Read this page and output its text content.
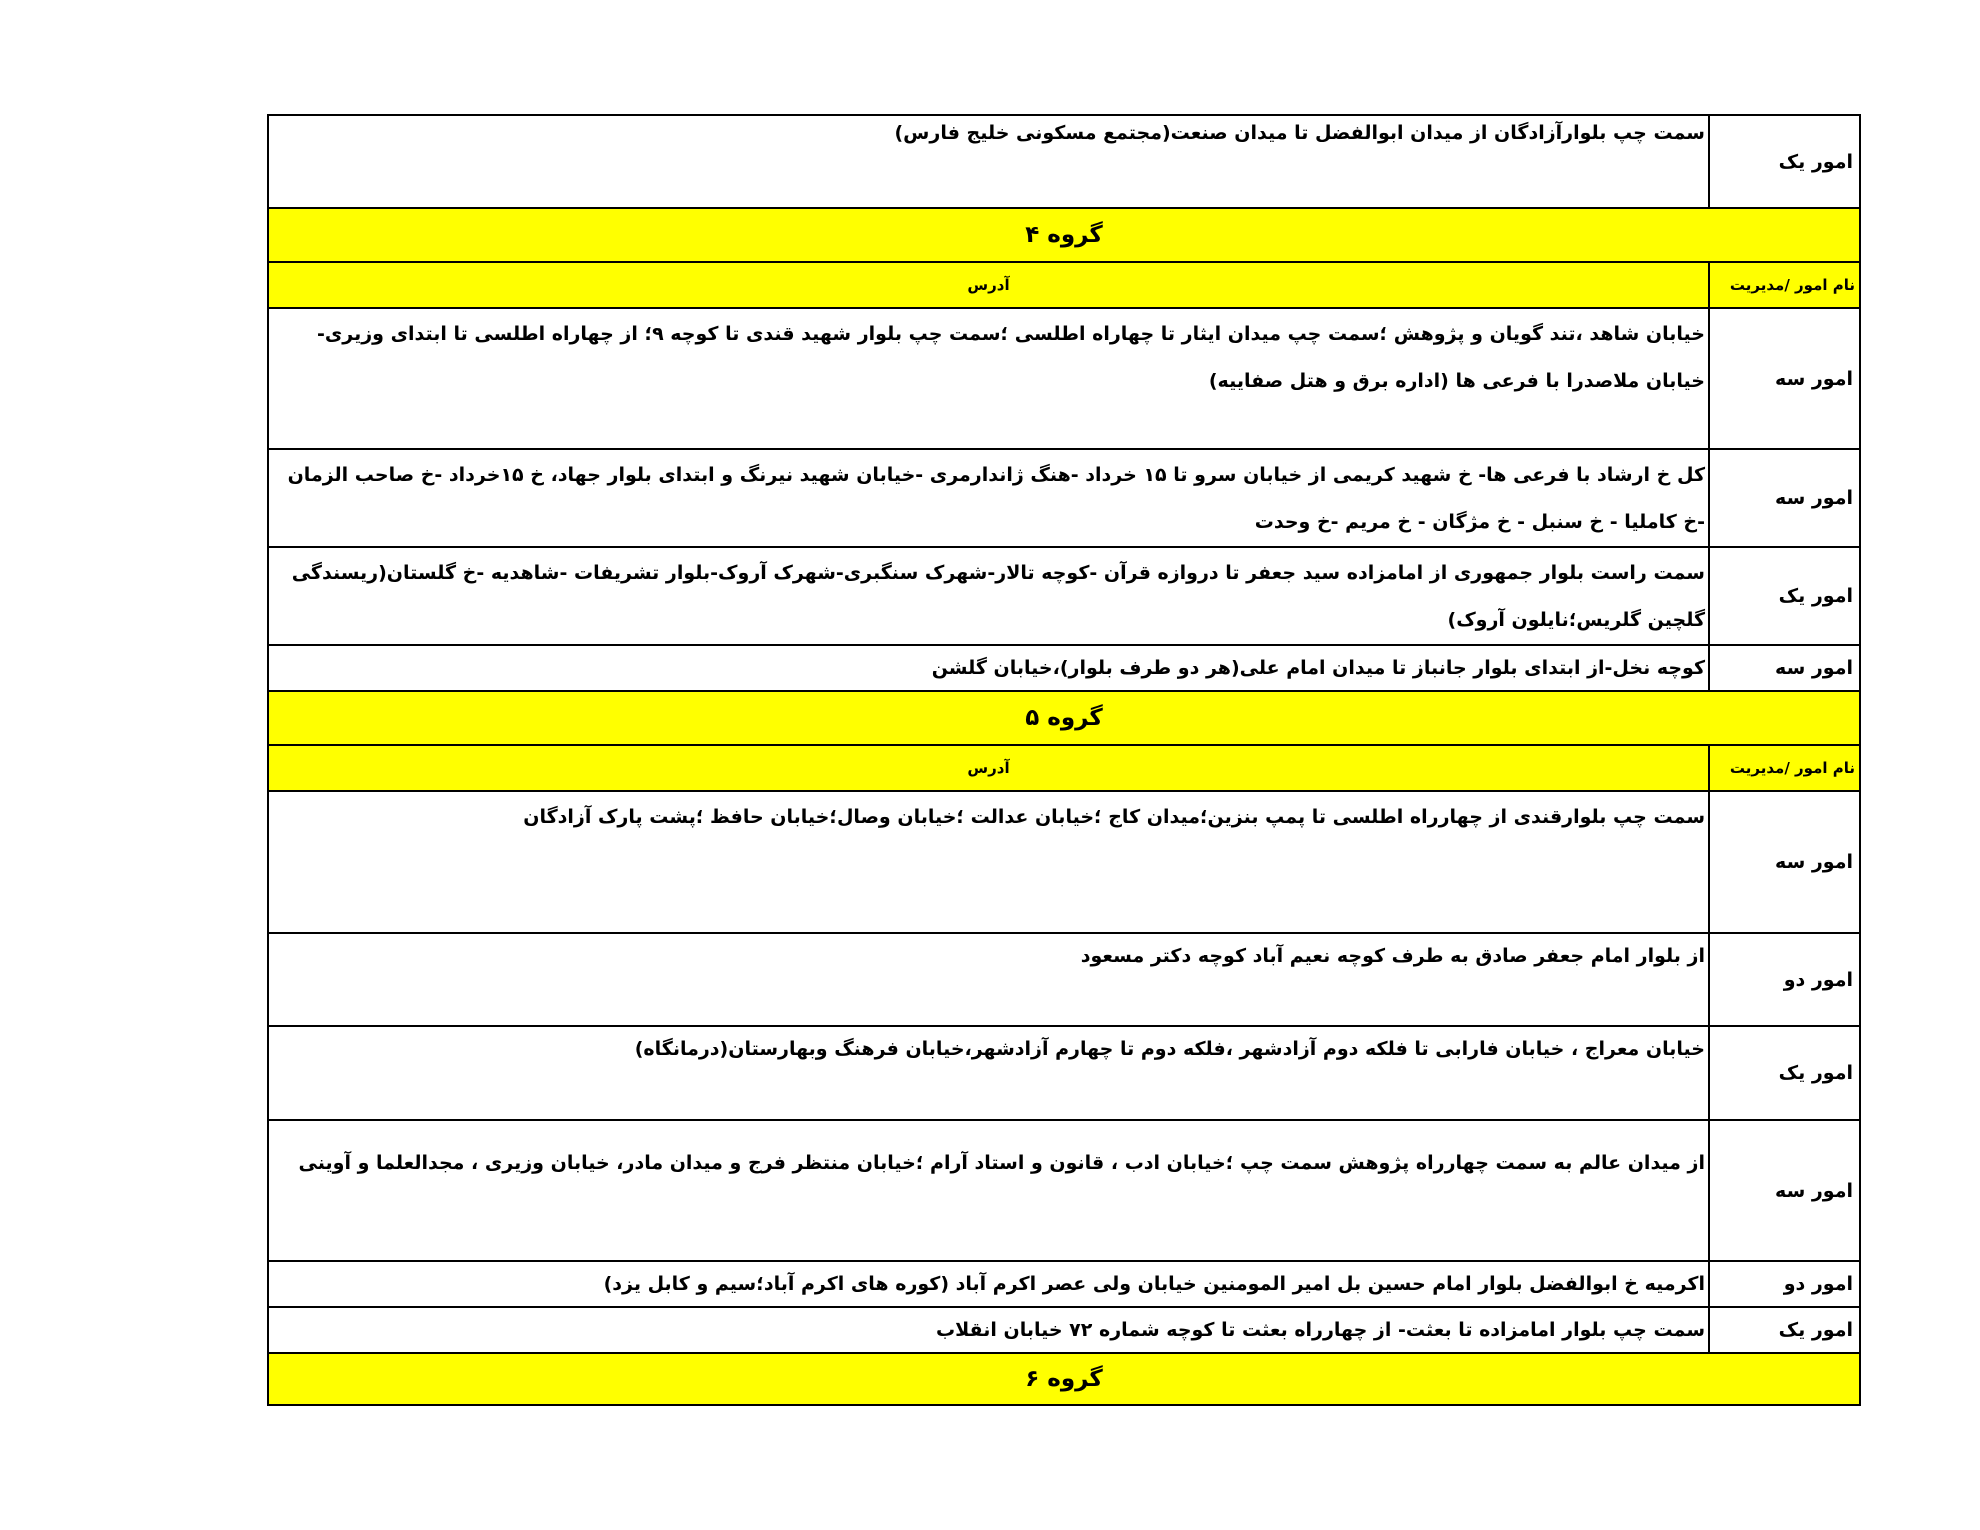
امور یک	سمت چپ بلوارآزادگان از میدان ابوالفضل تا میدان صنعت(مجتمع مسکونی خلیج فارس)
گروه ۴	
نام امور /مدیریت	آدرس
امور سه	خیابان شاهد ،تند گویان و پژوهش ؛سمت چپ میدان ایثار تا چهاراه اطلسی ؛سمت چپ بلوار شهید قندی تا کوچه ۹؛ از چهاراه اطلسی تا ابتدای وزیری- خیابان ملاصدرا با فرعی ها (اداره برق و هتل صفاییه)
امور سه	کل خ ارشاد با فرعی ها- خ شهید کریمی از خیابان سرو تا ۱۵ خرداد -هنگ ژاندارمری -خیابان شهید نیرنگ و ابتدای بلوار جهاد، خ ۱۵خرداد -خ صاحب الزمان -خ کاملیا - خ سنبل - خ مژگان - خ مریم -خ وحدت
امور یک	سمت راست بلوار جمهوری از امامزاده سید جعفر تا دروازه قرآن -کوچه تالار-شهرک سنگبری-شهرک آروک-بلوار تشریفات -شاهدیه -خ گلستان(ریسندگی گلچین گلریس؛نایلون آروک)
امور سه	کوچه نخل-از ابتدای بلوار جانباز تا میدان امام علی(هر دو طرف بلوار)،خیابان گلشن
گروه ۵	
نام امور /مدیریت	آدرس
امور سه	سمت چپ بلوارقندی از چهارراه اطلسی تا پمپ بنزین؛میدان کاج ؛خیابان عدالت ؛خیابان وصال؛خیابان حافظ ؛پشت پارک آزادگان
امور دو	از بلوار امام جعفر صادق به طرف کوچه نعیم آباد کوچه دکتر مسعود
امور یک	خیابان معراج ، خیابان فارابی تا فلکه دوم آزادشهر ،فلکه دوم تا چهارم آزادشهر،خیابان فرهنگ وبهارستان(درمانگاه)
امور سه	از میدان عالم به سمت چهارراه پژوهش سمت چپ ؛خیابان ادب ، قانون و استاد آرام ؛خیابان منتظر فرج و میدان مادر، خیابان وزیری ، مجدالعلما و آوینی
امور دو	اکرمیه خ ابوالفضل بلوار امام حسین بل امیر المومنین خیابان ولی عصر اکرم آباد (کوره های اکرم آباد؛سیم و کابل یزد)
امور یک	سمت چپ بلوار امامزاده تا بعثت- از چهارراه بعثت تا کوچه شماره ۷۲ خیابان انقلاب
گروه ۶	
